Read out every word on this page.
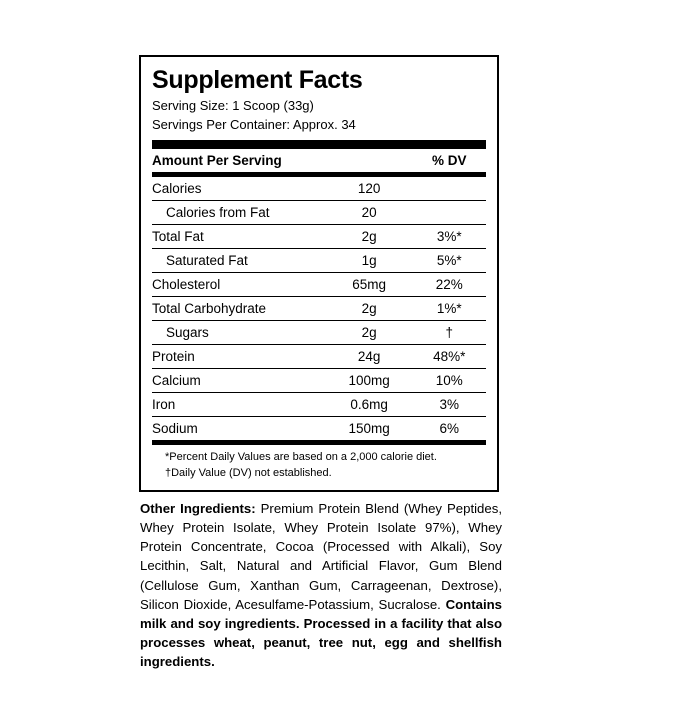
Supplement Facts
Serving Size: 1 Scoop (33g)
Servings Per Container: Approx. 34
Amount Per Serving		% DV
Calories	120	
Calories from Fat	20	
Total Fat	2g	3%*
Saturated Fat	1g	5%*
Cholesterol	65mg	22%
Total Carbohydrate	2g	1%*
Sugars	2g	†
Protein	24g	48%*
Calcium	100mg	10%
Iron	0.6mg	3%
Sodium	150mg	6%
*Percent Daily Values are based on a 2,000 calorie diet.
†Daily Value (DV) not established.
Other Ingredients: Premium Protein Blend (Whey Peptides, Whey Protein Isolate, Whey Protein Isolate 97%), Whey Protein Concentrate, Cocoa (Processed with Alkali), Soy Lecithin, Salt, Natural and Artificial Flavor, Gum Blend (Cellulose Gum, Xanthan Gum, Carrageenan, Dextrose), Silicon Dioxide, Acesulfame-Potassium, Sucralose. Contains milk and soy ingredients. Processed in a facility that also processes wheat, peanut, tree nut, egg and shellfish ingredients.
